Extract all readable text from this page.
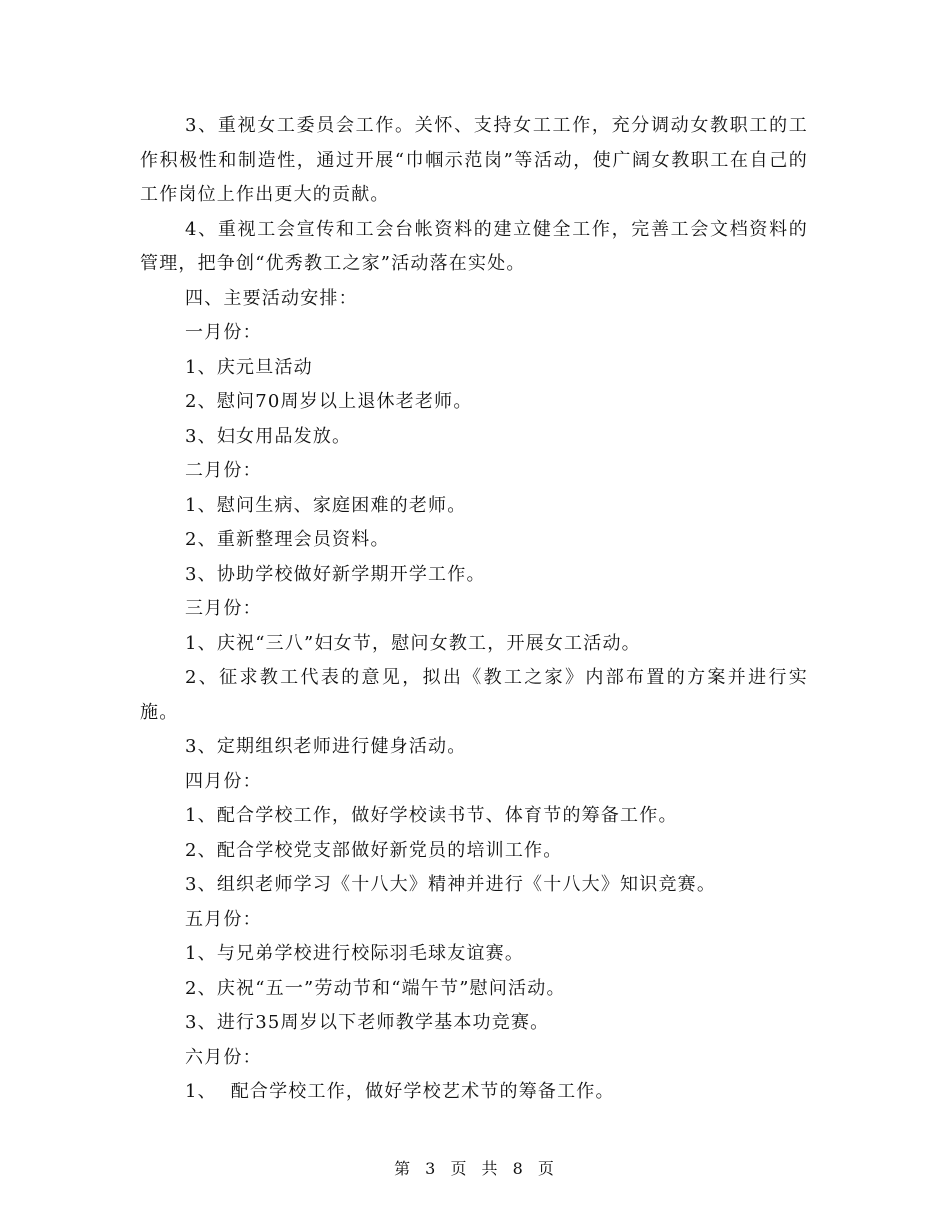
3、重视女工委员会工作。关怀、支持女工工作，充分调动女教职工的工作积极性和制造性，通过开展“巾帼示范岗”等活动，使广阔女教职工在自己的工作岗位上作出更大的贡献。

4、重视工会宣传和工会台帐资料的建立健全工作，完善工会文档资料的管理，把争创“优秀教工之家”活动落在实处。

四、主要活动安排：

一月份：

1、庆元旦活动

2、慰问70周岁以上退休老老师。

3、妇女用品发放。

二月份：

1、慰问生病、家庭困难的老师。

2、重新整理会员资料。

3、协助学校做好新学期开学工作。

三月份：

1、庆祝“三八”妇女节，慰问女教工，开展女工活动。

2、征求教工代表的意见，拟出《教工之家》内部布置的方案并进行实施。

3、定期组织老师进行健身活动。

四月份：

1、配合学校工作，做好学校读书节、体育节的筹备工作。

2、配合学校党支部做好新党员的培训工作。

3、组织老师学习《十八大》精神并进行《十八大》知识竞赛。

五月份：

1、与兄弟学校进行校际羽毛球友谊赛。

2、庆祝“五一”劳动节和“端午节”慰问活动。

3、进行35周岁以下老师教学基本功竞赛。

六月份：

1、  配合学校工作，做好学校艺术节的筹备工作。

第 3 页 共 8 页
